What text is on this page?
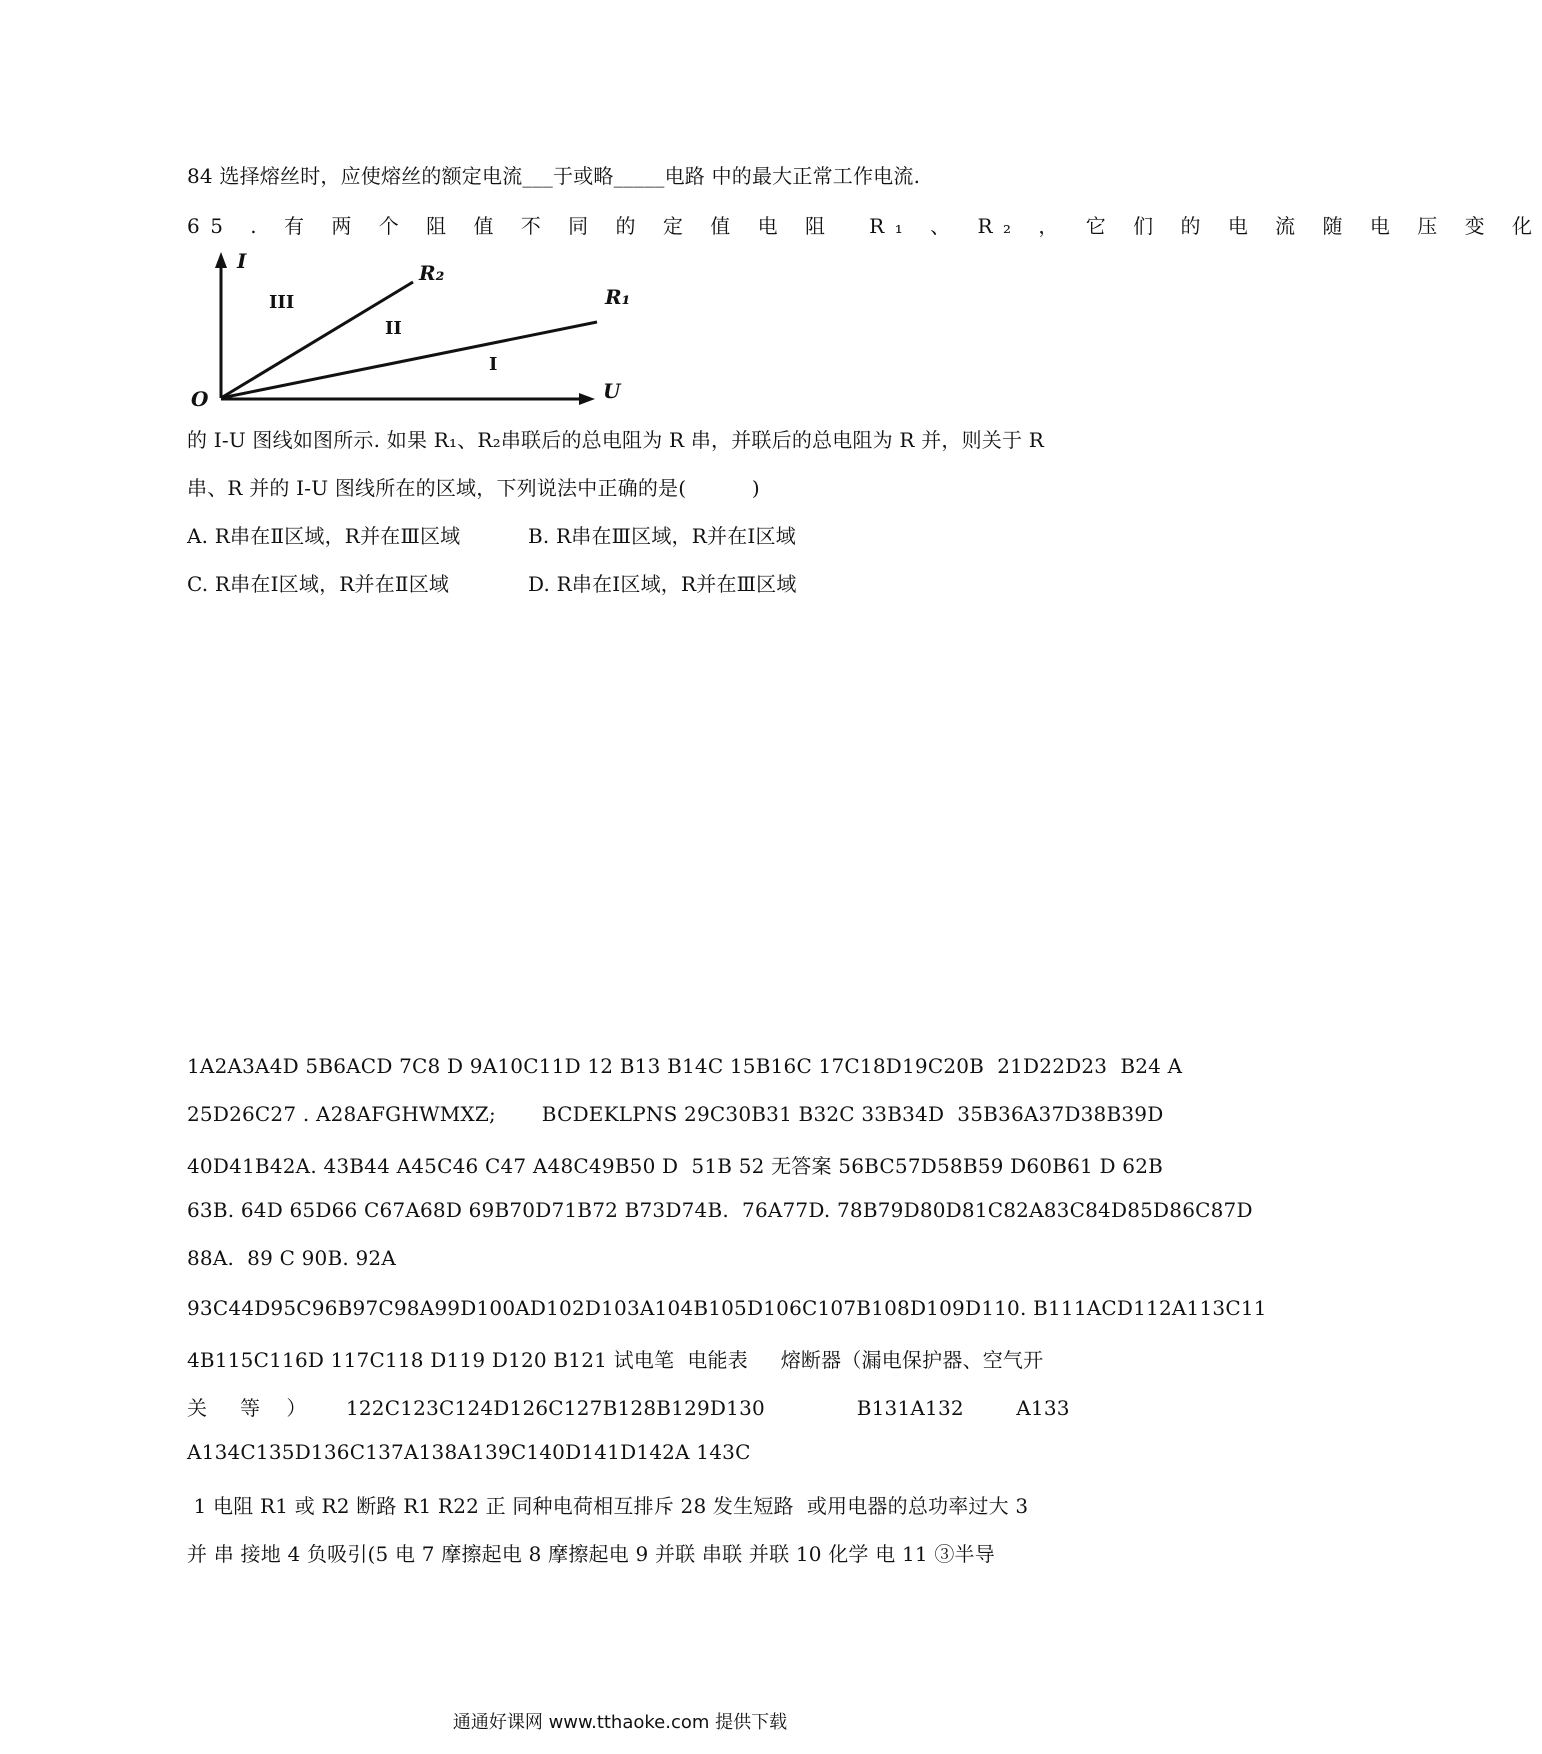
84 选择熔丝时，应使熔丝的额定电流___于或略_____电路 中的最大正常工作电流.
65 . 有 两 个 阻 值 不 同 的 定 值 电 阻  R₁ 、 R₂ ， 它 们 的 电 流 随 电 压 变 化
O
I
U
R₂
R₁
III
II
I
的 I-U 图线如图所示. 如果 R₁、R₂串联后的总电阻为 R 串，并联后的总电阻为 R 并，则关于 R
串、R 并的 I-U 图线所在的区域，下列说法中正确的是(          )
A. R串在Ⅱ区域，R并在Ⅲ区域	B. R串在Ⅲ区域，R并在Ⅰ区域
C. R串在Ⅰ区域，R并在Ⅱ区域	D. R串在Ⅰ区域，R并在Ⅲ区域
1A2A3A4D 5B6ACD 7C8 D 9A10C11D 12 B13 B14C 15B16C 17C18D19C20B  21D22D23  B24 A
25D26C27 . A28AFGHWMXZ;       BCDEKLPNS 29C30B31 B32C 33B34D  35B36A37D38B39D
40D41B42A. 43B44 A45C46 C47 A48C49B50 D  51B 52 无答案 56BC57D58B59 D60B61 D 62B
63B. 64D 65D66 C67A68D 69B70D71B72 B73D74B.  76A77D. 78B79D80D81C82A83C84D85D86C87D
88A.  89 C 90B. 92A
93C44D95C96B97C98A99D100AD102D103A104B105D106C107B108D109D110. B111ACD112A113C11
4B115C116D 117C118 D119 D120 B121 试电笔  电能表     熔断器（漏电保护器、空气开
关     等    ）      122C123C124D126C127B128B129D130              B131A132        A133
A134C135D136C137A138A139C140D141D142A 143C
1 电阻 R1 或 R2 断路 R1 R22 正 同种电荷相互排斥 28 发生短路  或用电器的总功率过大 3
并 串 接地 4 负吸引(5 电 7 摩擦起电 8 摩擦起电 9 并联 串联 并联 10 化学 电 11 ③半导
通通好课网 www.tthaoke.com 提供下载
